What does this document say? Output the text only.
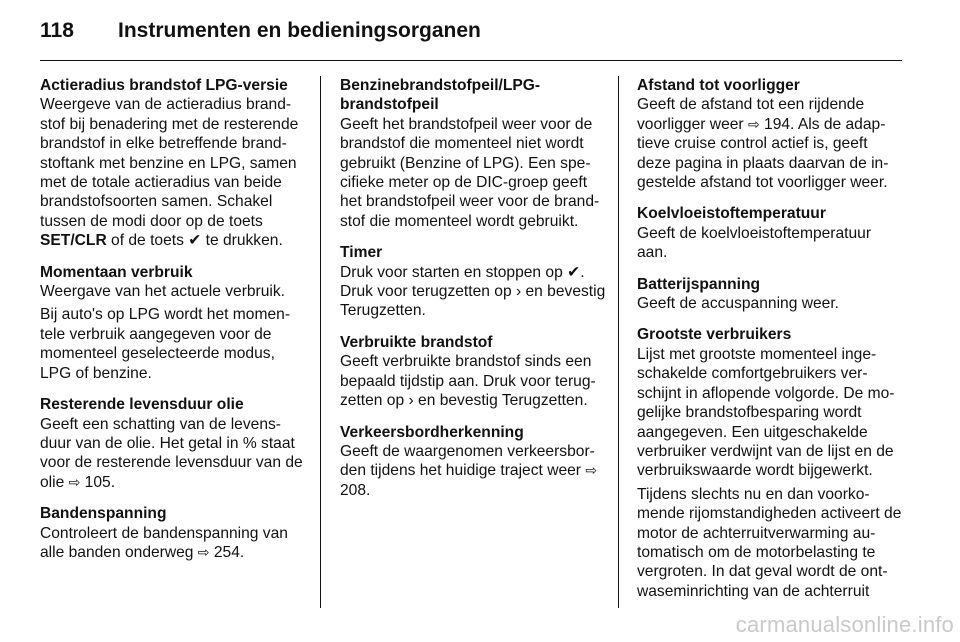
118 Instrumenten en bedieningsorganen
Actieradius brandstof LPG-versie

Weergeve van de actieradius brandstof bij benadering met de resterende brandstof in elke betreffende brandstoftank met benzine en LPG, samen met de totale actieradius van beide brandstofsoorten samen. Schakel tussen de modi door op de toets SET/CLR of de toets ✔ te drukken.

Momentaan verbruik

Weergave van het actuele verbruik.

Bij auto's op LPG wordt het momentele verbruik aangegeven voor de momenteel geselecteerde modus, LPG of benzine.

Resterende levensduur olie

Geeft een schatting van de levensduur van de olie. Het getal in % staat voor de resterende levensduur van de olie ⇨ 105.

Bandenspanning

Controleert de bandenspanning van alle banden onderweg ⇨ 254.

Benzinebrandstofpeil/LPG-brandstofpeil

Geeft het brandstofpeil weer voor de brandstof die momenteel niet wordt gebruikt (Benzine of LPG). Een specifieke meter op de DIC-groep geeft het brandstofpeil weer voor de brandstof die momenteel wordt gebruikt.

Timer

Druk voor starten en stoppen op ✔. Druk voor terugzetten op › en bevestig Terugzetten.

Verbruikte brandstof

Geeft verbruikte brandstof sinds een bepaald tijdstip aan. Druk voor terugzetten op › en bevestig Terugzetten.

Verkeersbordherkenning

Geeft de waargenomen verkeersborden tijdens het huidige traject weer ⇨ 208.

Afstand tot voorligger

Geeft de afstand tot een rijdende voorligger weer ⇨ 194. Als de adaptieve cruise control actief is, geeft deze pagina in plaats daarvan de ingestelde afstand tot voorligger weer.

Koelvloeistoftemperatuur

Geeft de koelvloeistoftemperatuur aan.

Batterijspanning

Geeft de accuspanning weer.

Grootste verbruikers

Lijst met grootste momenteel ingeschakelde comfortgebruikers verschijnt in aflopende volgorde. De mogelijke brandstofbesparing wordt aangegeven. Een uitgeschakelde verbruiker verdwijnt van de lijst en de verbruikswaarde wordt bijgewerkt.

Tijdens slechts nu en dan voorkomende rijomstandigheden activeert de motor de achterruitverwarming automatisch om de motorbelasting te vergroten. In dat geval wordt de ontwaseminrichting van de achterruit

carmanualsonline.info
